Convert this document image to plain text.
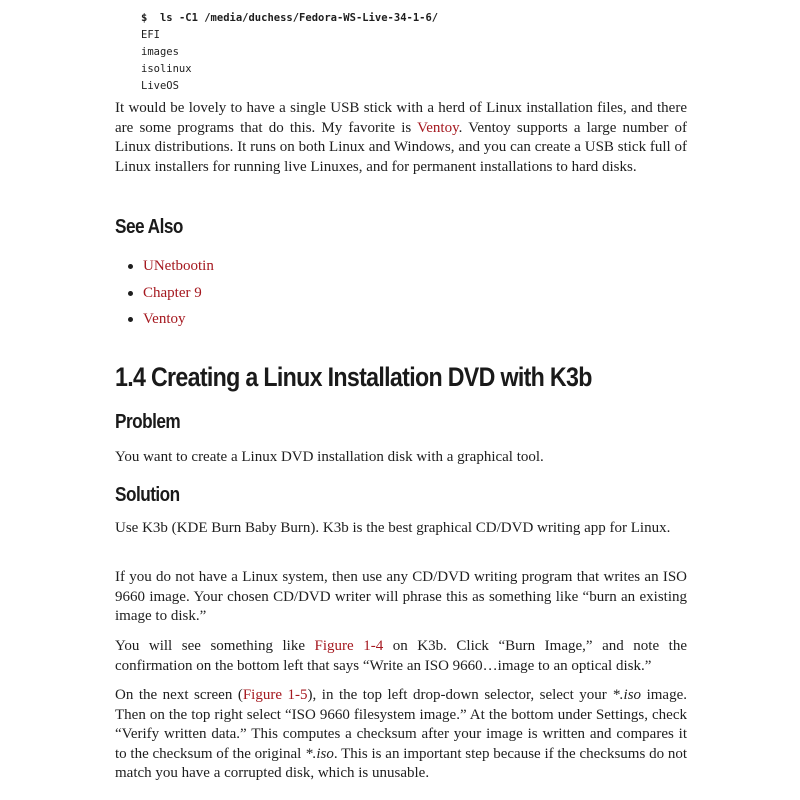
$ ls -C1 /media/duchess/Fedora-WS-Live-34-1-6/
EFI
images
isolinux
LiveOS

It would be lovely to have a single USB stick with a herd of Linux installation files, and there are some programs that do this. My favorite is Ventoy. Ventoy supports a large number of Linux distributions. It runs on both Linux and Windows, and you can create a USB stick full of Linux installers for running live Linuxes, and for permanent installations to hard disks.

See Also
UNetbootin
Chapter 9
Ventoy
1.4 Creating a Linux Installation DVD with K3b
Problem

You want to create a Linux DVD installation disk with a graphical tool.

Solution

Use K3b (KDE Burn Baby Burn). K3b is the best graphical CD/DVD writing app for Linux.

If you do not have a Linux system, then use any CD/DVD writing program that writes an ISO 9660 image. Your chosen CD/DVD writer will phrase this as something like “burn an existing image to disk.”

You will see something like Figure 1-4 on K3b. Click “Burn Image,” and note the confirmation on the bottom left that says “Write an ISO 9660…image to an optical disk.”

On the next screen (Figure 1-5), in the top left drop-down selector, select your *.iso image. Then on the top right select “ISO 9660 filesystem image.” At the bottom under Settings, check “Verify written data.” This computes a checksum after your image is written and compares it to the checksum of the original *.iso. This is an important step because if the checksums do not match you have a corrupted disk, which is unusable.
